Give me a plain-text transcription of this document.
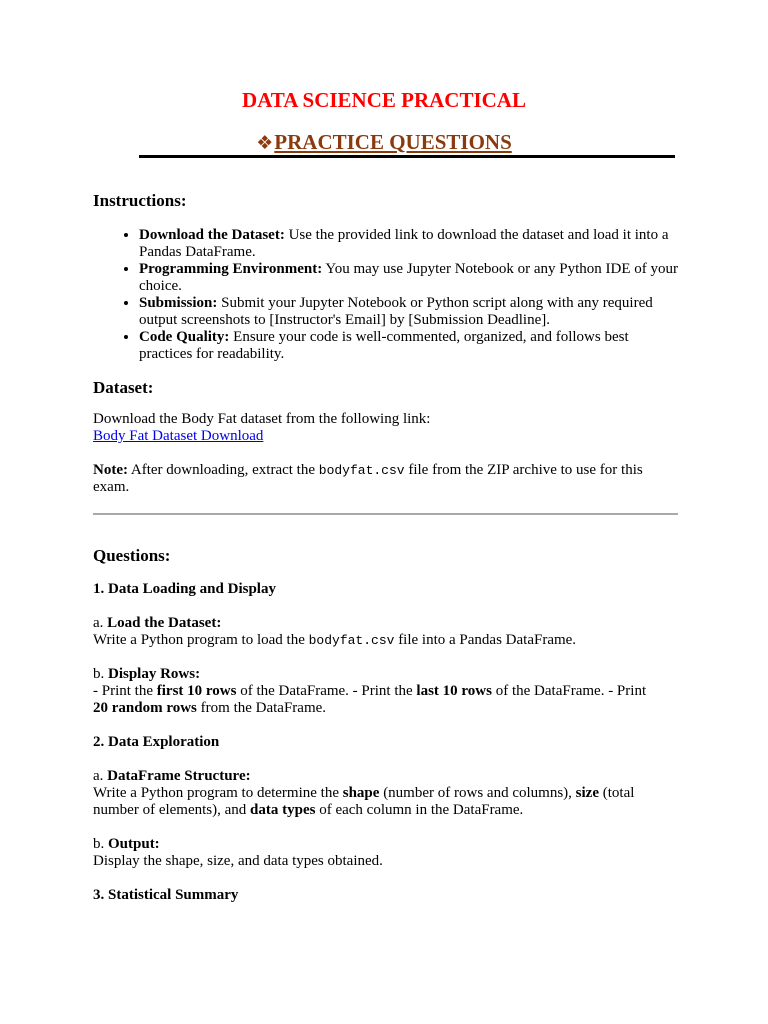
DATA SCIENCE PRACTICAL
❖PRACTICE QUESTIONS
Instructions:
• Download the Dataset: Use the provided link to download the dataset and load it into a Pandas DataFrame.
• Programming Environment: You may use Jupyter Notebook or any Python IDE of your choice.
• Submission: Submit your Jupyter Notebook or Python script along with any required output screenshots to [Instructor's Email] by [Submission Deadline].
• Code Quality: Ensure your code is well-commented, organized, and follows best practices for readability.
Dataset:

Download the Body Fat dataset from the following link:
Body Fat Dataset Download

Note: After downloading, extract the bodyfat.csv file from the ZIP archive to use for this exam.

Questions:

1. Data Loading and Display

a. Load the Dataset:
Write a Python program to load the bodyfat.csv file into a Pandas DataFrame.

b. Display Rows:
- Print the first 10 rows of the DataFrame. - Print the last 10 rows of the DataFrame. - Print
20 random rows from the DataFrame.

2. Data Exploration

a. DataFrame Structure:
Write a Python program to determine the shape (number of rows and columns), size (total number of elements), and data types of each column in the DataFrame.

b. Output:
Display the shape, size, and data types obtained.

3. Statistical Summary
